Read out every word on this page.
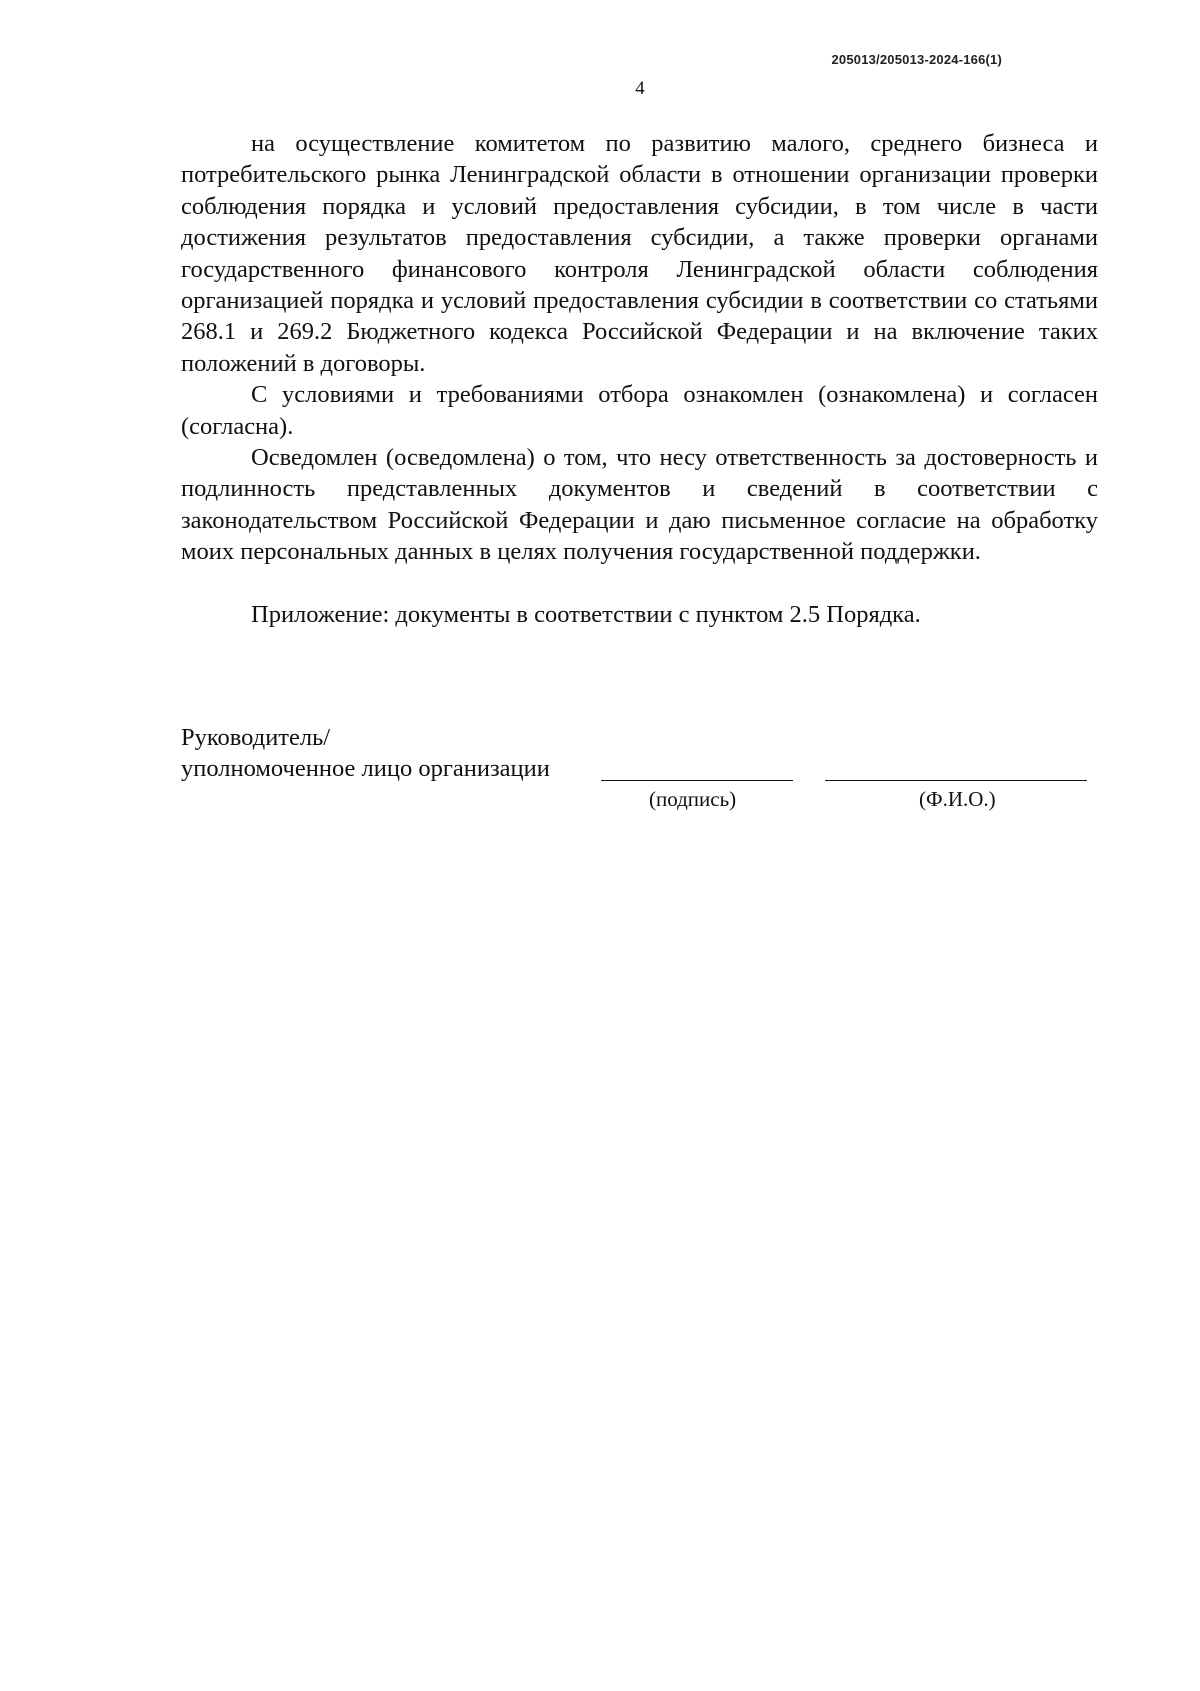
205013/205013-2024-166(1)
4

на осуществление комитетом по развитию малого, среднего бизнеса и потребительского рынка Ленинградской области в отношении организации проверки соблюдения порядка и условий предоставления субсидии, в том числе в части достижения результатов предоставления субсидии, а также проверки органами государственного финансового контроля Ленинградской области соблюдения организацией порядка и условий предоставления субсидии в соответствии со статьями 268.1 и 269.2 Бюджетного кодекса Российской Федерации и на включение таких положений в договоры.

С условиями и требованиями отбора ознакомлен (ознакомлена) и согласен (согласна).

Осведомлен (осведомлена) о том, что несу ответственность за достоверность и подлинность представленных документов и сведений в соответствии с законодательством Российской Федерации и даю письменное согласие на обработку моих персональных данных в целях получения государственной поддержки.

Приложение: документы в соответствии с пунктом 2.5 Порядка.

Руководитель/
уполномоченное лицо организации
(подпись)	(Ф.И.О.)
